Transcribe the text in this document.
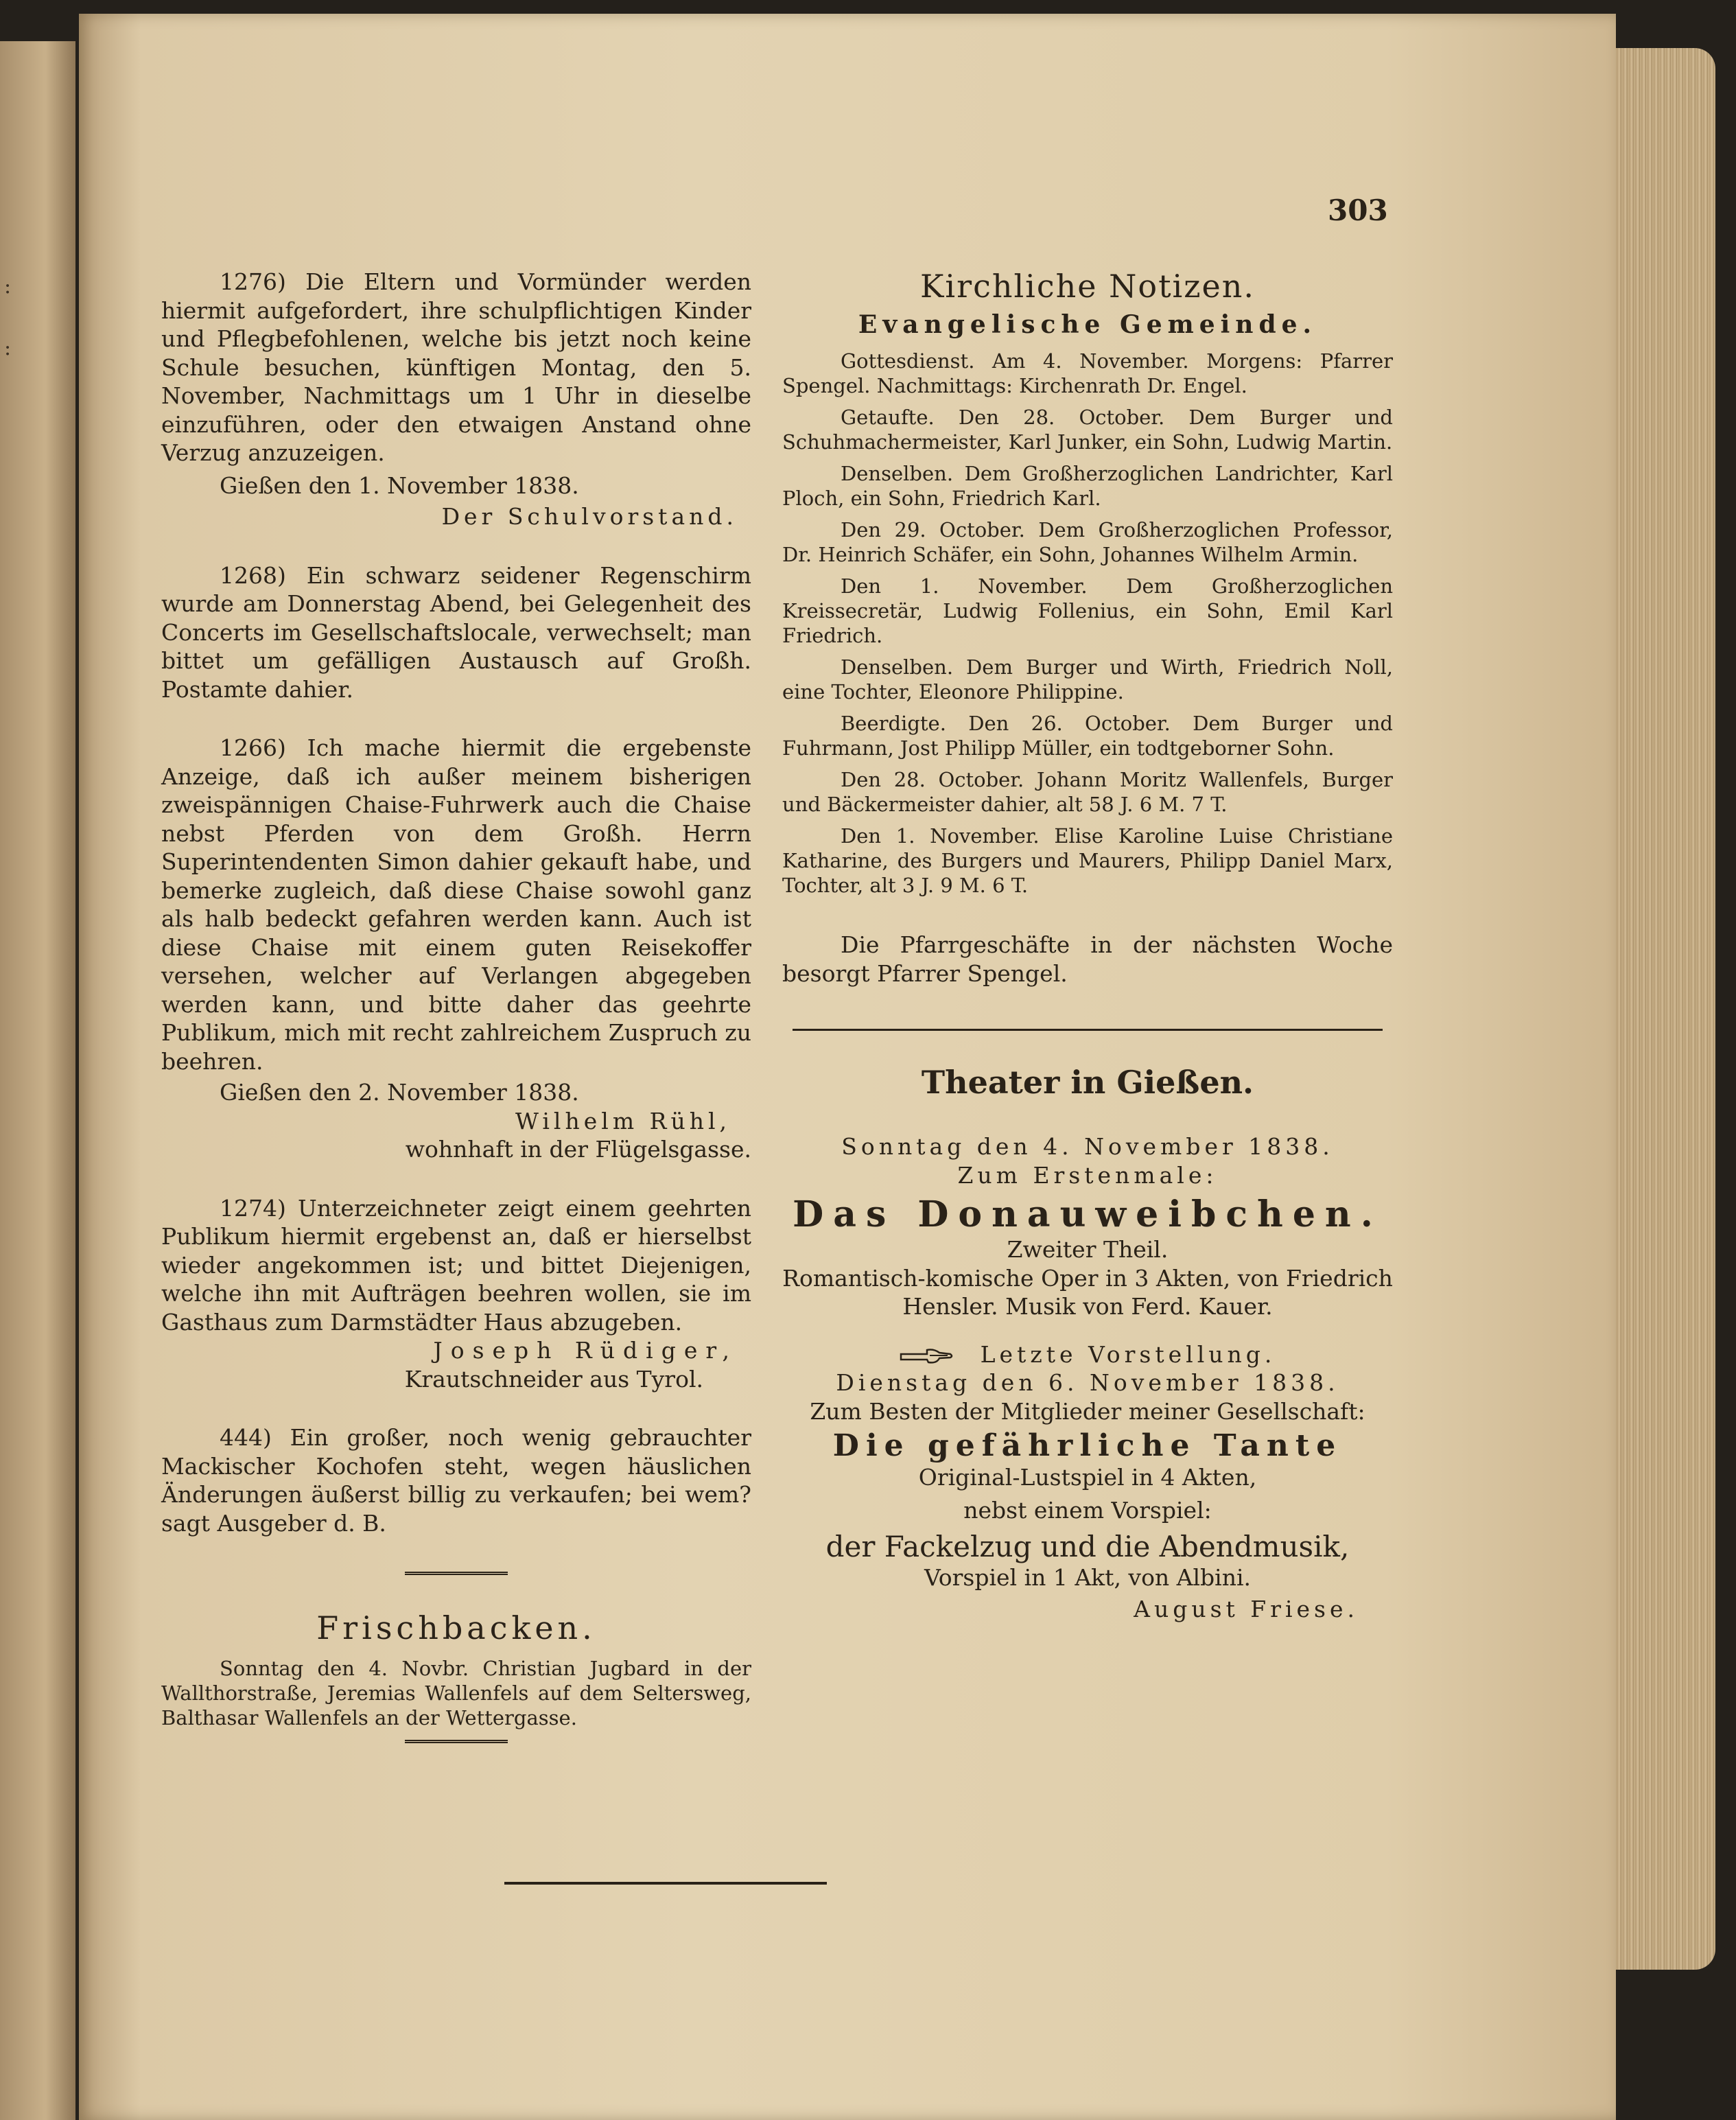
:
:
303

1276) Die Eltern und Vormünder werden hiermit aufgefordert, ihre schulpflichtigen Kinder und Pflegbefohlenen, welche bis jetzt noch keine Schule besuchen, künftigen Montag, den 5. November, Nachmittags um 1 Uhr in dieselbe einzuführen, oder den etwaigen Anstand ohne Verzug anzuzeigen.

Gießen den 1. November 1838.

Der Schulvorstand.

1268) Ein schwarz seidener Regenschirm wurde am Donnerstag Abend, bei Gelegenheit des Concerts im Gesellschaftslocale, verwechselt; man bittet um gefälligen Austausch auf Großh. Postamte dahier.

1266) Ich mache hiermit die ergebenste Anzeige, daß ich außer meinem bisherigen zweispännigen Chaise-Fuhrwerk auch die Chaise nebst Pferden von dem Großh. Herrn Superintendenten Simon dahier gekauft habe, und bemerke zugleich, daß diese Chaise sowohl ganz als halb bedeckt gefahren werden kann. Auch ist diese Chaise mit einem guten Reisekoffer versehen, welcher auf Verlangen abgegeben werden kann, und bitte daher das geehrte Publikum, mich mit recht zahlreichem Zuspruch zu beehren.

Gießen den 2. November 1838.

Wilhelm Rühl,

wohnhaft in der Flügelsgasse.

1274) Unterzeichneter zeigt einem geehrten Publikum hiermit ergebenst an, daß er hierselbst wieder angekommen ist; und bittet Diejenigen, welche ihn mit Aufträgen beehren wollen, sie im Gasthaus zum Darmstädter Haus abzugeben.

Joseph Rüdiger,

Krautschneider aus Tyrol.

444) Ein großer, noch wenig gebrauchter Mackischer Kochofen steht, wegen häuslichen Änderungen äußerst billig zu verkaufen; bei wem? sagt Ausgeber d. B.

Frischbacken.

Sonntag den 4. Novbr. Christian Jugbard in der Wallthorstraße, Jeremias Wallenfels auf dem Seltersweg, Balthasar Wallenfels an der Wettergasse.

Kirchliche Notizen.

Evangelische Gemeinde.

Gottesdienst. Am 4. November. Morgens: Pfarrer Spengel. Nachmittags: Kirchenrath Dr. Engel.

Getaufte. Den 28. October. Dem Burger und Schuhmachermeister, Karl Junker, ein Sohn, Ludwig Martin.

Denselben. Dem Großherzoglichen Landrichter, Karl Ploch, ein Sohn, Friedrich Karl.

Den 29. October. Dem Großherzoglichen Professor, Dr. Heinrich Schäfer, ein Sohn, Johannes Wilhelm Armin.

Den 1. November. Dem Großherzoglichen Kreissecretär, Ludwig Follenius, ein Sohn, Emil Karl Friedrich.

Denselben. Dem Burger und Wirth, Friedrich Noll, eine Tochter, Eleonore Philippine.

Beerdigte. Den 26. October. Dem Burger und Fuhrmann, Jost Philipp Müller, ein todtgeborner Sohn.

Den 28. October. Johann Moritz Wallenfels, Burger und Bäckermeister dahier, alt 58 J. 6 M. 7 T.

Den 1. November. Elise Karoline Luise Christiane Katharine, des Burgers und Maurers, Philipp Daniel Marx, Tochter, alt 3 J. 9 M. 6 T.

Die Pfarrgeschäfte in der nächsten Woche besorgt Pfarrer Spengel.

Theater in Gießen.

Sonntag den 4. November 1838.

Zum Erstenmale:

Das Donauweibchen.

Zweiter Theil.

Romantisch-komische Oper in 3 Akten, von Friedrich Hensler. Musik von Ferd. Kauer.

Letzte Vorstellung.

Dienstag den 6. November 1838.

Zum Besten der Mitglieder meiner Gesellschaft:

Die gefährliche Tante

Original-Lustspiel in 4 Akten,

nebst einem Vorspiel:

der Fackelzug und die Abendmusik,

Vorspiel in 1 Akt, von Albini.

August Friese.
